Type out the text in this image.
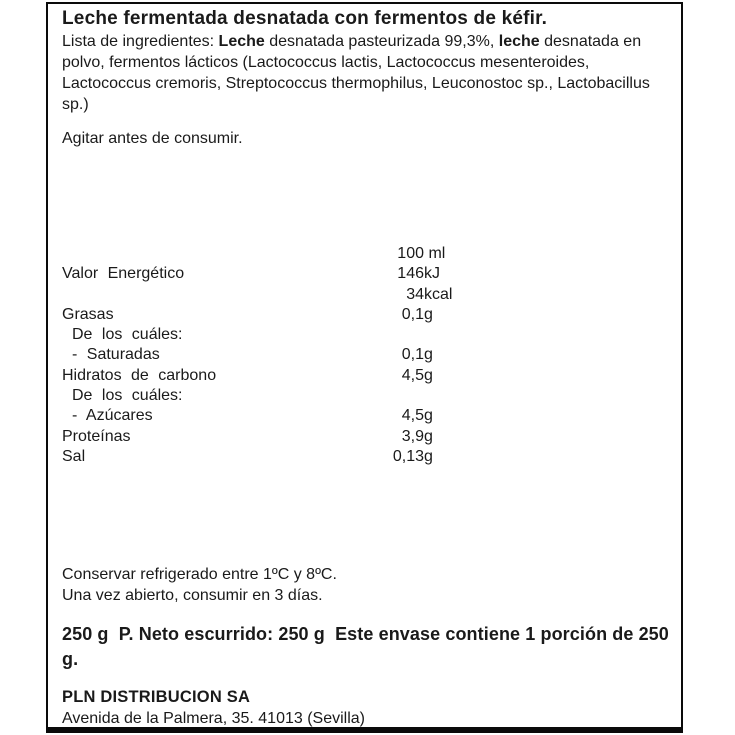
Leche fermentada desnatada con fermentos de kéfir.

Lista de ingredientes: Leche desnatada pasteurizada 99,3%, leche desnatada en polvo, fermentos lácticos (Lactococcus lactis, Lactococcus mesenteroides, Lactococcus cremoris, Streptococcus thermophilus, Leuconostoc sp., Lactobacillus sp.)

Agitar antes de consumir.
100 ml
Valor Energético	146 kJ
34 kcal
Grasas	0,1 g
De los cuáles:
- Saturadas	0,1 g
Hidratos de carbono	4,5 g
De los cuáles:
- Azúcares	4,5 g
Proteínas	3,9 g
Sal	0,13 g
Conservar refrigerado entre 1ºC y 8ºC.
Una vez abierto, consumir en 3 días.
250 g  P. Neto escurrido: 250 g  Este envase contiene 1 porción de 250 g.
PLN DISTRIBUCION SA
Avenida de la Palmera, 35. 41013 (Sevilla)
